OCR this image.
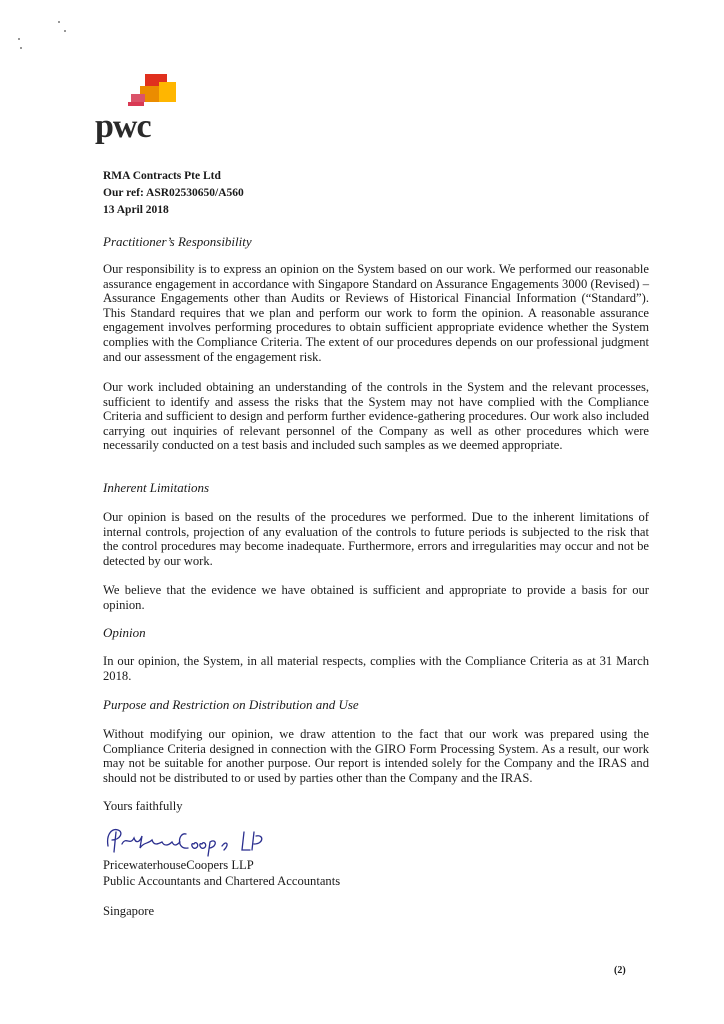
pwc
RMA Contracts Pte Ltd
Our ref: ASR02530650/A560
13 April 2018
Practitioner’s Responsibility
Our responsibility is to express an opinion on the System based on our work. We performed our reasonable assurance engagement in accordance with Singapore Standard on Assurance Engagements 3000 (Revised) – Assurance Engagements other than Audits or Reviews of Historical Financial Information (“Standard”). This Standard requires that we plan and perform our work to form the opinion. A reasonable assurance engagement involves performing procedures to obtain sufficient appropriate evidence whether the System complies with the Compliance Criteria. The extent of our procedures depends on our professional judgment and our assessment of the engagement risk.
Our work included obtaining an understanding of the controls in the System and the relevant processes, sufficient to identify and assess the risks that the System may not have complied with the Compliance Criteria and sufficient to design and perform further evidence-gathering procedures. Our work also included carrying out inquiries of relevant personnel of the Company as well as other procedures which were necessarily conducted on a test basis and included such samples as we deemed appropriate.
Inherent Limitations
Our opinion is based on the results of the procedures we performed. Due to the inherent limitations of internal controls, projection of any evaluation of the controls to future periods is subjected to the risk that the control procedures may become inadequate. Furthermore, errors and irregularities may occur and not be detected by our work.
We believe that the evidence we have obtained is sufficient and appropriate to provide a basis for our opinion.
Opinion
In our opinion, the System, in all material respects, complies with the Compliance Criteria as at 31 March 2018.
Purpose and Restriction on Distribution and Use
Without modifying our opinion, we draw attention to the fact that our work was prepared using the Compliance Criteria designed in connection with the GIRO Form Processing System. As a result, our work may not be suitable for another purpose. Our report is intended solely for the Company and the IRAS and should not be distributed to or used by parties other than the Company and the IRAS.
Yours faithfully
PricewaterhouseCoopers LLP
Public Accountants and Chartered Accountants
Singapore
(2)
